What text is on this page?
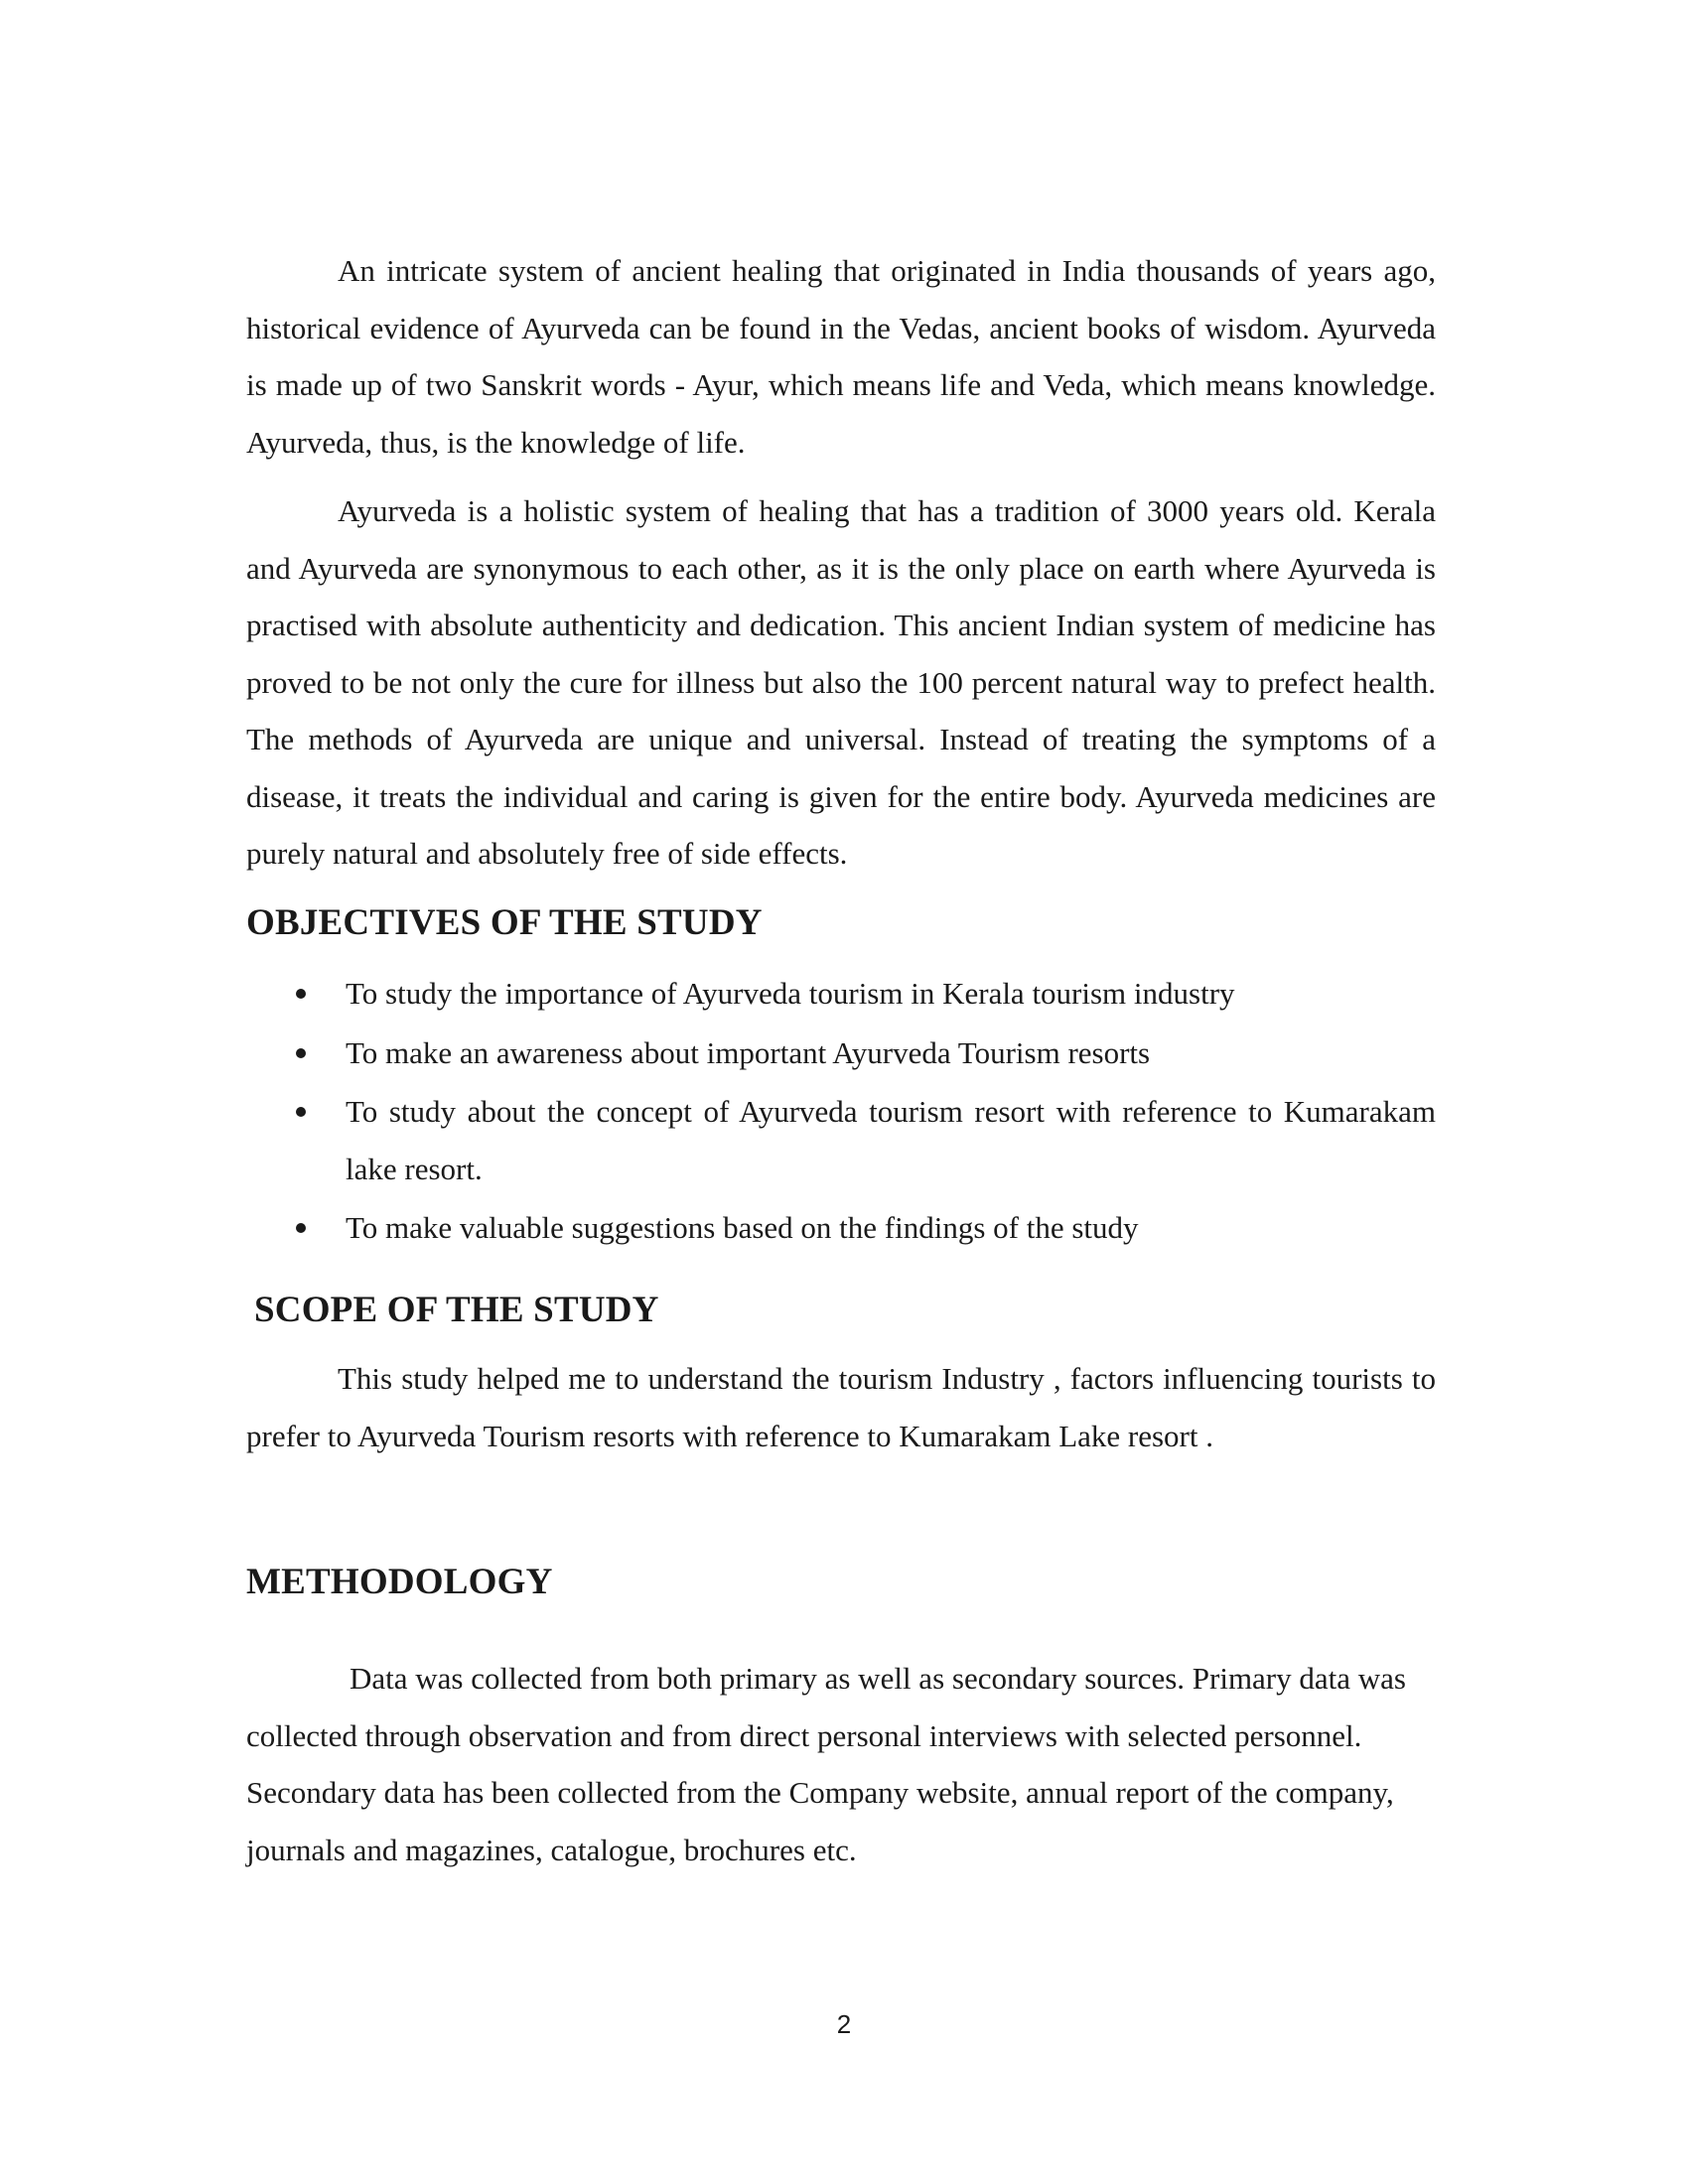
An intricate system of ancient healing that originated in India thousands of years ago, historical evidence of Ayurveda can be found in the Vedas, ancient books of wisdom. Ayurveda is made up of two Sanskrit words - Ayur, which means life and Veda, which means knowledge. Ayurveda, thus, is the knowledge of life.

Ayurveda is a holistic system of healing that has a tradition of 3000 years old. Kerala and Ayurveda are synonymous to each other, as it is the only place on earth where Ayurveda is practised with absolute authenticity and dedication. This ancient Indian system of medicine has proved to be not only the cure for illness but also the 100 percent natural way to prefect health. The methods of Ayurveda are unique and universal. Instead of treating the symptoms of a disease, it treats the individual and caring is given for the entire body. Ayurveda medicines are purely natural and absolutely free of side effects.

OBJECTIVES OF THE STUDY
To study the importance of Ayurveda tourism in Kerala tourism industry
To make an awareness about important Ayurveda Tourism resorts
To study about the concept of Ayurveda tourism resort with reference to Kumarakam lake resort.
To make valuable suggestions based on the findings of the study
SCOPE OF THE STUDY

This study helped me to understand the tourism Industry , factors influencing tourists to prefer to Ayurveda Tourism resorts with reference to Kumarakam Lake resort .

METHODOLOGY

Data was collected from both primary as well as secondary sources. Primary data was collected through observation and from direct personal interviews with selected personnel. Secondary data has been collected from the Company website, annual report of the company, journals and magazines, catalogue, brochures etc.

2
